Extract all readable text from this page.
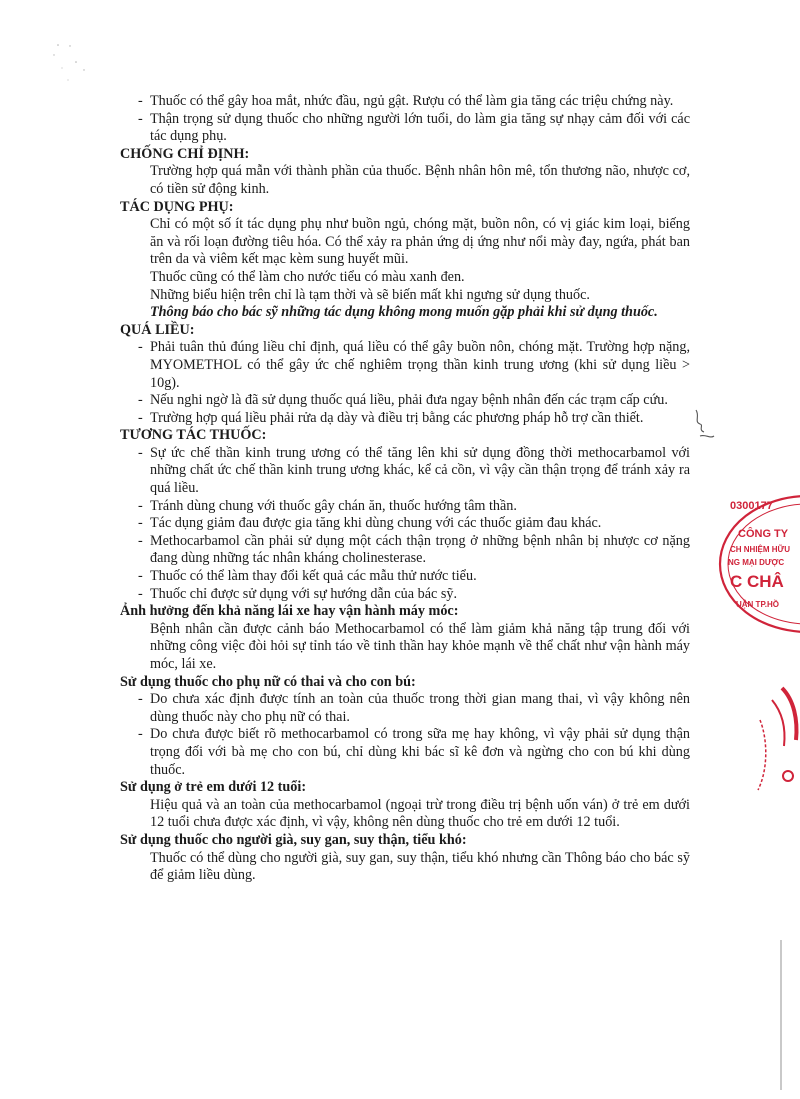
- Thuốc có thể gây hoa mắt, nhức đầu, ngủ gật. Rượu có thể làm gia tăng các triệu chứng này.
- Thận trọng sử dụng thuốc cho những người lớn tuổi, do làm gia tăng sự nhạy cảm đối với các tác dụng phụ.
CHỐNG CHỈ ĐỊNH:
Trường hợp quá mẫn với thành phần của thuốc. Bệnh nhân hôn mê, tổn thương não, nhược cơ, có tiền sử động kinh.
TÁC DỤNG PHỤ:
Chỉ có một số ít tác dụng phụ như buồn ngủ, chóng mặt, buồn nôn, có vị giác kim loại, biếng ăn và rối loạn đường tiêu hóa. Có thể xảy ra phản ứng dị ứng như nổi mày đay, ngứa, phát ban trên da và viêm kết mạc kèm sung huyết mũi.
Thuốc cũng có thể làm cho nước tiểu có màu xanh đen.
Những biểu hiện trên chỉ là tạm thời và sẽ biến mất khi ngưng sử dụng thuốc.
Thông báo cho bác sỹ những tác dụng không mong muốn gặp phải khi sử dụng thuốc.
QUÁ LIỀU:
- Phải tuân thủ đúng liều chỉ định, quá liều có thể gây buồn nôn, chóng mặt. Trường hợp nặng, MYOMETHOL có thể gây ức chế nghiêm trọng thần kinh trung ương (khi sử dụng liều > 10g).
- Nếu nghi ngờ là đã sử dụng thuốc quá liều, phải đưa ngay bệnh nhân đến các trạm cấp cứu.
- Trường hợp quá liều phải rửa dạ dày và điều trị bằng các phương pháp hỗ trợ cần thiết.
TƯƠNG TÁC THUỐC:
- Sự ức chế thần kinh trung ương có thể tăng lên khi sử dụng đồng thời methocarbamol với những chất ức chế thần kinh trung ương khác, kể cả cồn, vì vậy cần thận trọng để tránh xảy ra quá liều.
- Tránh dùng chung với thuốc gây chán ăn, thuốc hướng tâm thần.
- Tác dụng giảm đau được gia tăng khi dùng chung với các thuốc giảm đau khác.
- Methocarbamol cần phải sử dụng một cách thận trọng ở những bệnh nhân bị nhược cơ nặng đang dùng những tác nhân kháng cholinesterase.
- Thuốc có thể làm thay đổi kết quả các mẫu thử nước tiểu.
- Thuốc chỉ được sử dụng với sự hướng dẫn của bác sỹ.
Ảnh hưởng đến khả năng lái xe hay vận hành máy móc:
Bệnh nhân cần được cảnh báo Methocarbamol có thể làm giảm khả năng tập trung đối với những công việc đòi hỏi sự tỉnh táo về tinh thần hay khỏe mạnh về thể chất như vận hành máy móc, lái xe.
Sử dụng thuốc cho phụ nữ có thai và cho con bú:
- Do chưa xác định được tính an toàn của thuốc trong thời gian mang thai, vì vậy không nên dùng thuốc này cho phụ nữ có thai.
- Do chưa được biết rõ methocarbamol có trong sữa mẹ hay không, vì vậy phải sử dụng thận trọng đối với bà mẹ cho con bú, chỉ dùng khi bác sĩ kê đơn và ngừng cho con bú khi dùng thuốc.
Sử dụng ở trẻ em dưới 12 tuổi:
Hiệu quả và an toàn của methocarbamol (ngoại trừ trong điều trị bệnh uốn ván) ở trẻ em dưới 12 tuổi chưa được xác định, vì vậy, không nên dùng thuốc cho trẻ em dưới 12 tuổi.
Sử dụng thuốc cho người già, suy gan, suy thận, tiểu khó:
Thuốc có thể dùng cho người già, suy gan, suy thận, tiểu khó nhưng cần Thông báo cho bác sỹ để giảm liều dùng.
0300177
CÔNG TY
CH NHIỆM HỮU
NG MẠI DƯỢC
C CHÂ
UẬN TP.HỒ
